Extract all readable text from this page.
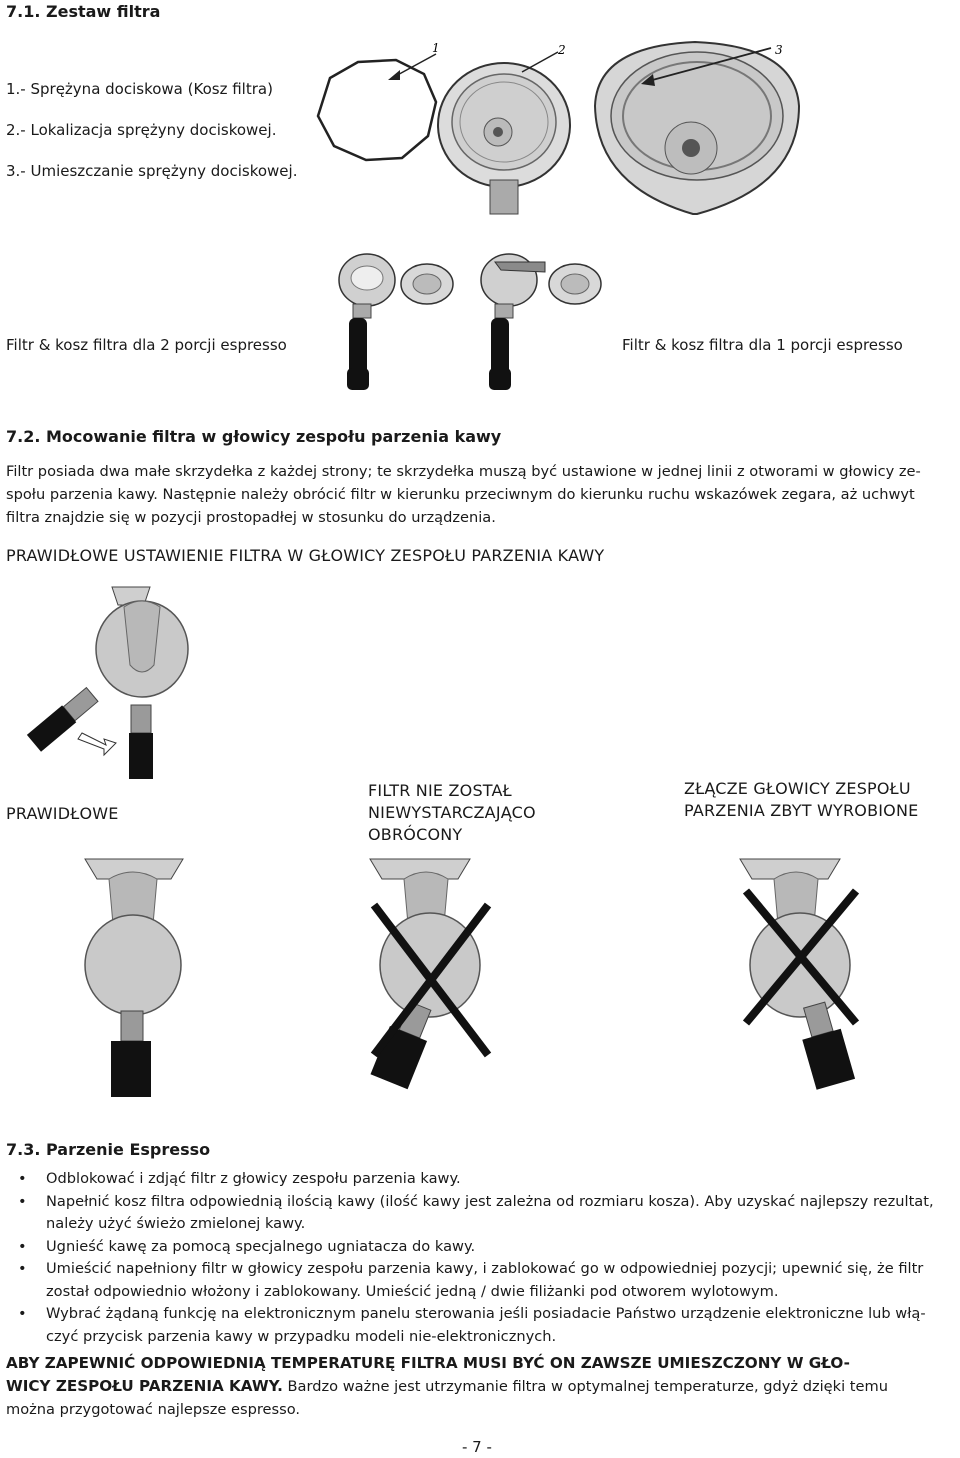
7.1. Zestaw filtra
1.- Sprężyna dociskowa (Kosz filtra)
2.- Lokalizacja sprężyny dociskowej.
3.- Umieszczanie sprężyny dociskowej.
1	2	3
Filtr & kosz filtra dla 2 porcji espresso	Filtr & kosz filtra dla 1 porcji espresso
7.2. Mocowanie filtra w głowicy zespołu parzenia kawy
Filtr posiada dwa małe skrzydełka z każdej strony; te skrzydełka muszą być ustawione w jednej linii z otworami w głowicy ze-
społu parzenia kawy. Następnie należy obrócić filtr w kierunku przeciwnym do kierunku ruchu wskazówek zegara, aż uchwyt
filtra znajdzie się w pozycji prostopadłej w stosunku do urządzenia.
PRAWIDŁOWE USTAWIENIE FILTRA W GŁOWICY ZESPOŁU PARZENIA KAWY
PRAWIDŁOWE
FILTR NIE ZOSTAŁ
NIEWYSTARCZAJĄCO
OBRÓCONY
ZŁĄCZE GŁOWICY ZESPOŁU
PARZENIA ZBYT WYROBIONE
7.3. Parzenie Espresso
• Odblokować i zdjąć filtr z głowicy zespołu parzenia kawy.
• Napełnić kosz filtra odpowiednią ilością kawy (ilość kawy jest zależna od rozmiaru kosza). Aby uzyskać najlepszy rezultat,
należy użyć świeżo zmielonej kawy.
• Ugnieść kawę za pomocą specjalnego ugniatacza do kawy.
• Umieścić napełniony filtr w głowicy zespołu parzenia kawy, i zablokować go w odpowiedniej pozycji; upewnić się, że filtr
został odpowiednio włożony i zablokowany. Umieścić jedną / dwie filiżanki pod otworem wylotowym.
• Wybrać żądaną funkcję na elektronicznym panelu sterowania jeśli posiadacie Państwo urządzenie elektroniczne lub włą-
czyć przycisk parzenia kawy w przypadku modeli nie-elektronicznych.
ABY ZAPEWNIĆ ODPOWIEDNIĄ TEMPERATURĘ FILTRA MUSI BYĆ ON ZAWSZE UMIESZCZONY W GŁO-
WICY ZESPOŁU PARZENIA KAWY. Bardzo ważne jest utrzymanie filtra w optymalnej temperaturze, gdyż dzięki temu
można przygotować najlepsze espresso.
- 7 -
